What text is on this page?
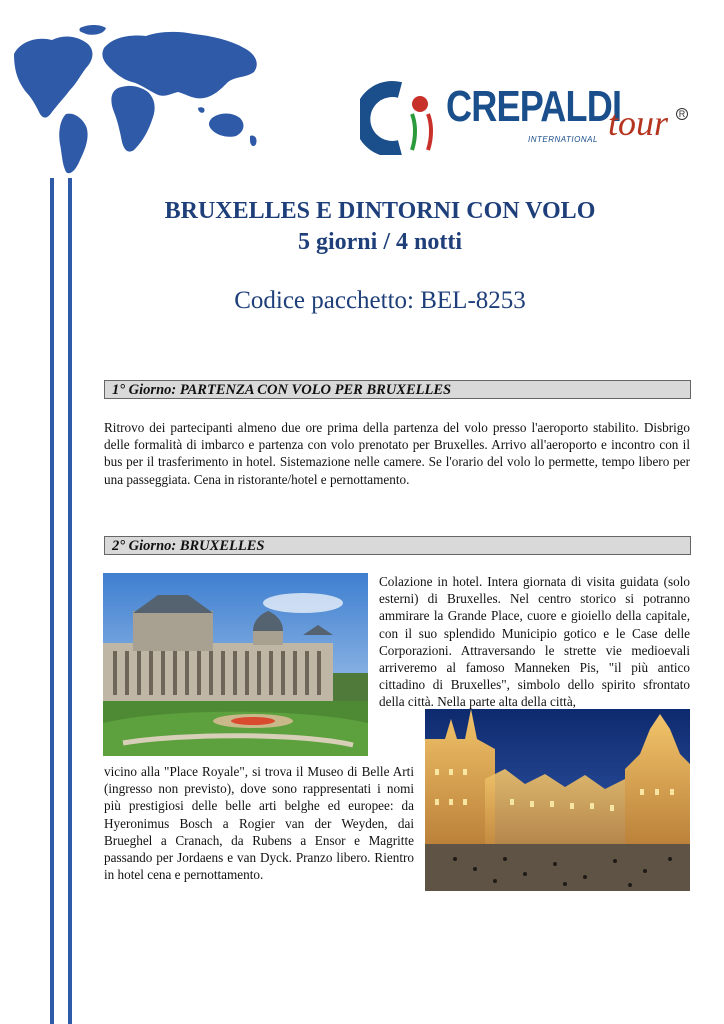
CREPALDI
INTERNATIONAL tour	R
BRUXELLES E DINTORNI CON VOLO
5 giorni / 4 notti
Codice pacchetto: BEL-8253
1° Giorno: PARTENZA CON VOLO PER BRUXELLES

Ritrovo dei partecipanti almeno due ore prima della partenza del volo presso l'aeroporto stabilito. Disbrigo delle formalità di imbarco e partenza con volo prenotato per Bruxelles. Arrivo all'aeroporto e incontro con il bus per il trasferimento in hotel. Sistemazione nelle camere. Se l'orario del volo lo permette, tempo libero per una passeggiata. Cena in ristorante/hotel e pernottamento.

2° Giorno: BRUXELLES

Colazione in hotel. Intera giornata di visita guidata (solo esterni) di Bruxelles. Nel centro storico si potranno ammirare la Grande Place, cuore e gioiello della capitale, con il suo splendido Municipio gotico e le Case delle Corporazioni. Attraversando le strette vie medioevali arriveremo al famoso Manneken Pis, "il più antico cittadino di Bruxelles", simbolo dello spirito sfrontato della città. Nella parte alta della città,

vicino alla "Place Royale", si trova il Museo di Belle Arti (ingresso non previsto), dove sono rappresentati i nomi più prestigiosi delle belle arti belghe ed europee: da Hyeronimus Bosch a Rogier van der Weyden, dai Brueghel a Cranach, da Rubens a Ensor e Magritte passando per Jordaens e van Dyck. Pranzo libero. Rientro in hotel cena e pernottamento.
